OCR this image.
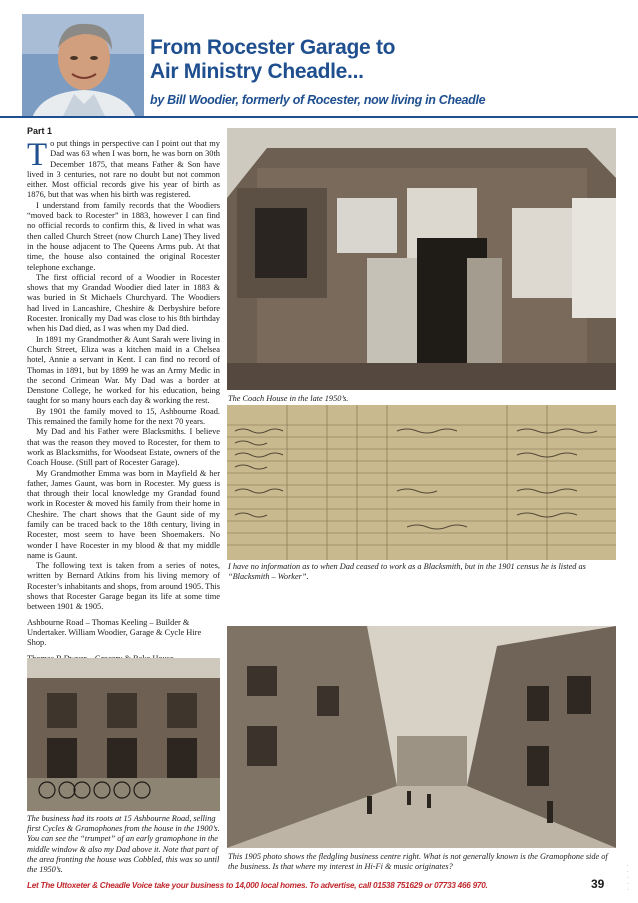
From Rocester Garage to
Air Ministry Cheadle...
by Bill Woodier, formerly of Rocester, now living in Cheadle
Part 1

To put things in perspective can I point out that my Dad was 63 when I was born, he was born on 30th December 1875, that means Father & Son have lived in 3 centuries, not rare no doubt but not common either. Most official records give his year of birth as 1876, but that was when his birth was registered.

I understand from family records that the Woodiers “moved back to Rocester” in 1883, however I can find no official records to confirm this, & lived in what was then called Church Street (now Church Lane) They lived in the house adjacent to The Queens Arms pub. At that time, the house also contained the original Rocester telephone exchange.

The first official record of a Woodier in Rocester shows that my Grandad Woodier died later in 1883 & was buried in St Michaels Churchyard. The Woodiers had lived in Lancashire, Cheshire & Derbyshire before Rocester. Ironically my Dad was close to his 8th birthday when his Dad died, as I was when my Dad died.

In 1891 my Grandmother & Aunt Sarah were living in Church Street, Eliza was a kitchen maid in a Chelsea hotel, Annie a servant in Kent. I can find no record of Thomas in 1891, but by 1899 he was an Army Medic in the second Crimean War. My Dad was a border at Denstone College, he worked for his education, being taught for so many hours each day & working the rest.

By 1901 the family moved to 15, Ashbourne Road. This remained the family home for the next 70 years.

My Dad and his Father were Blacksmiths. I believe that was the reason they moved to Rocester, for them to work as Blacksmiths, for Woodseat Estate, owners of the Coach House. (Still part of Rocester Garage).

My Grandmother Emma was born in Mayfield & her father, James Gaunt, was born in Rocester. My guess is that through their local knowledge my Grandad found work in Rocester & moved his family from their home in Cheshire. The chart shows that the Gaunt side of my family can be traced back to the 18th century, living in Rocester, most seem to have been Shoemakers. No wonder I have Rocester in my blood & that my middle name is Gaunt.

The following text is taken from a series of notes, written by Bernard Atkins from his living memory of Rocester’s inhabitants and shops, from around 1905. This shows that Rocester Garage began its life at some time between 1901 & 1905.

Ashbourne Road – Thomas Keeling – Builder & Undertaker. William Woodier, Garage & Cycle Hire Shop.

The Coach House in the late 1950’s.
I have no information as to when Dad ceased to work as a Blacksmith, but in the 1901 census he is listed as “Blacksmith – Worker”.
The business had its roots at 15 Ashbourne Road, selling first Cycles & Gramophones from the house in the 1900’s. You can see the “trumpet” of an early gramophone in the middle window & also my Dad above it. Note that part of the area fronting the house was Cobbled, this was so until the 1950’s.
This 1905 photo shows the fledgling business centre right. What is not generally known is the Gramophone side of the business. Is that where my interest in Hi-Fi & music originates?
Let The Uttoxeter & Cheadle Voice take your business to 14,000 local homes. To advertise, call 01538 751629 or 07733 466 970.	39
·
·
·
·
·
